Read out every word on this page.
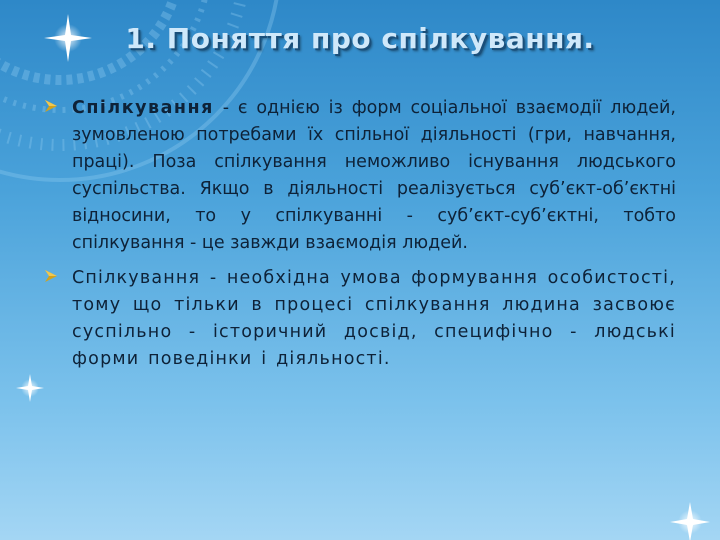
1. Поняття про спілкування.

Спілкування - є однією із форм соціальної взаємодії людей, зумовленою потребами їх спільної діяльності (гри, навчання, праці). Поза спілкування неможливо існування людського суспільства. Якщо в діяльності реалізується суб’єкт-об’єктні відносини, то у спілкуванні - суб’єкт-суб’єктні, тобто спілкування - це завжди взаємодія людей.

Спілкування - необхідна умова формування особистості, тому що тільки в процесі спілкування людина засвоює суспільно - історичний досвід, специфічно - людські форми поведінки і діяльності.
